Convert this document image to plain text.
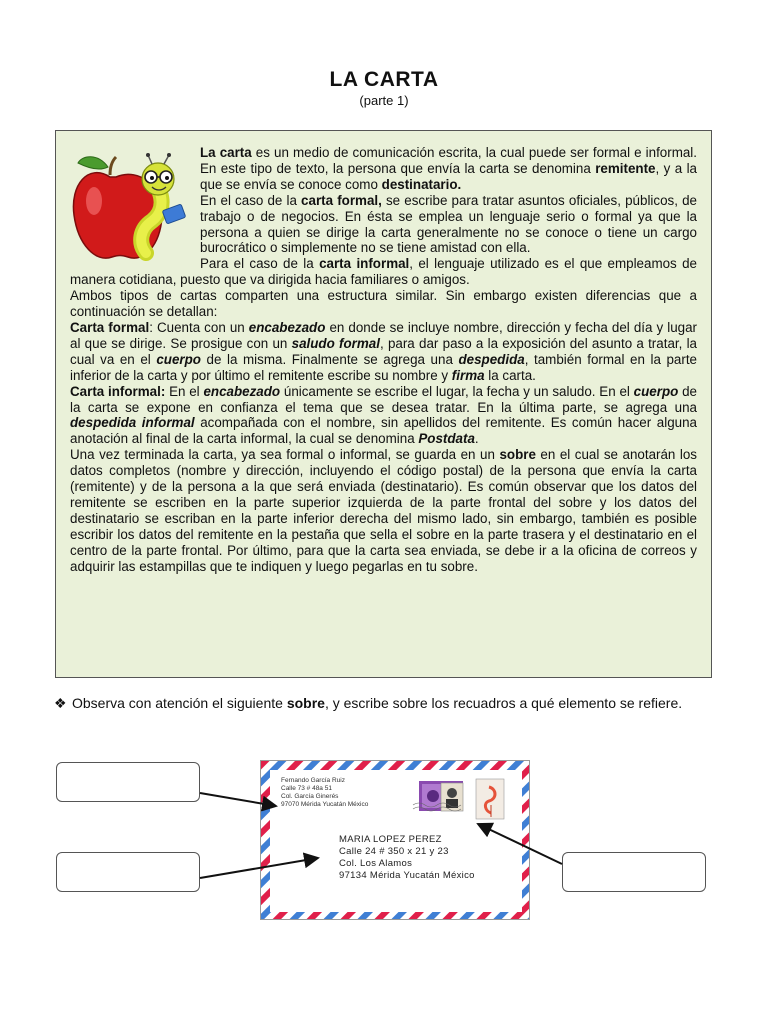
LA CARTA
(parte 1)

La carta es un medio de comunicación escrita, la cual puede ser formal e informal. En este tipo de texto, la persona que envía la carta se denomina remitente, y a la que se envía se conoce como destinatario.

En el caso de la carta formal, se escribe para tratar asuntos oficiales, públicos, de trabajo o de negocios. En ésta se emplea un lenguaje serio o formal ya que la persona a quien se dirige la carta generalmente no se conoce o tiene un cargo burocrático o simplemente no se tiene amistad con ella.

Para el caso de la carta informal, el lenguaje utilizado es el que empleamos de manera cotidiana, puesto que va dirigida hacia familiares o amigos.

Ambos tipos de cartas comparten una estructura similar. Sin embargo existen diferencias que a continuación se detallan:

Carta formal: Cuenta con un encabezado en donde se incluye nombre, dirección y fecha del día y lugar al que se dirige. Se prosigue con un saludo formal, para dar paso a la exposición del asunto a tratar, la cual va en el cuerpo de la misma. Finalmente se agrega una despedida, también formal en la parte inferior de la carta y por último el remitente escribe su nombre y firma la carta.

Carta informal: En el encabezado únicamente se escribe el lugar, la fecha y un saludo. En el cuerpo de la carta se expone en confianza el tema que se desea tratar. En la última parte, se agrega una despedida informal acompañada con el nombre, sin apellidos del remitente. Es común hacer alguna anotación al final de la carta informal, la cual se denomina Postdata.

Una vez terminada la carta, ya sea formal o informal, se guarda en un sobre en el cual se anotarán los datos completos (nombre y dirección, incluyendo el código postal) de la persona que envía la carta (remitente) y de la persona a la que será enviada (destinatario). Es común observar que los datos del remitente se escriben en la parte superior izquierda de la parte frontal del sobre y los datos del destinatario se escriban en la parte inferior derecha del mismo lado, sin embargo, también es posible escribir los datos del remitente en la pestaña que sella el sobre en la parte trasera y el destinatario en el centro de la parte frontal. Por último, para que la carta sea enviada, se debe ir a la oficina de correos y adquirir las estampillas que te indiquen y luego pegarlas en tu sobre.

❖ Observa con atención el siguiente sobre, y escribe sobre los recuadros a qué elemento se refiere.
Fernando García Ruiz
Calle 73 # 48a 51
Col. García Ginerés
97070 Mérida Yucatán México
MARIA LOPEZ PEREZ
Calle 24 # 350 x 21 y 23
Col. Los Alamos
97134 Mérida Yucatán México
